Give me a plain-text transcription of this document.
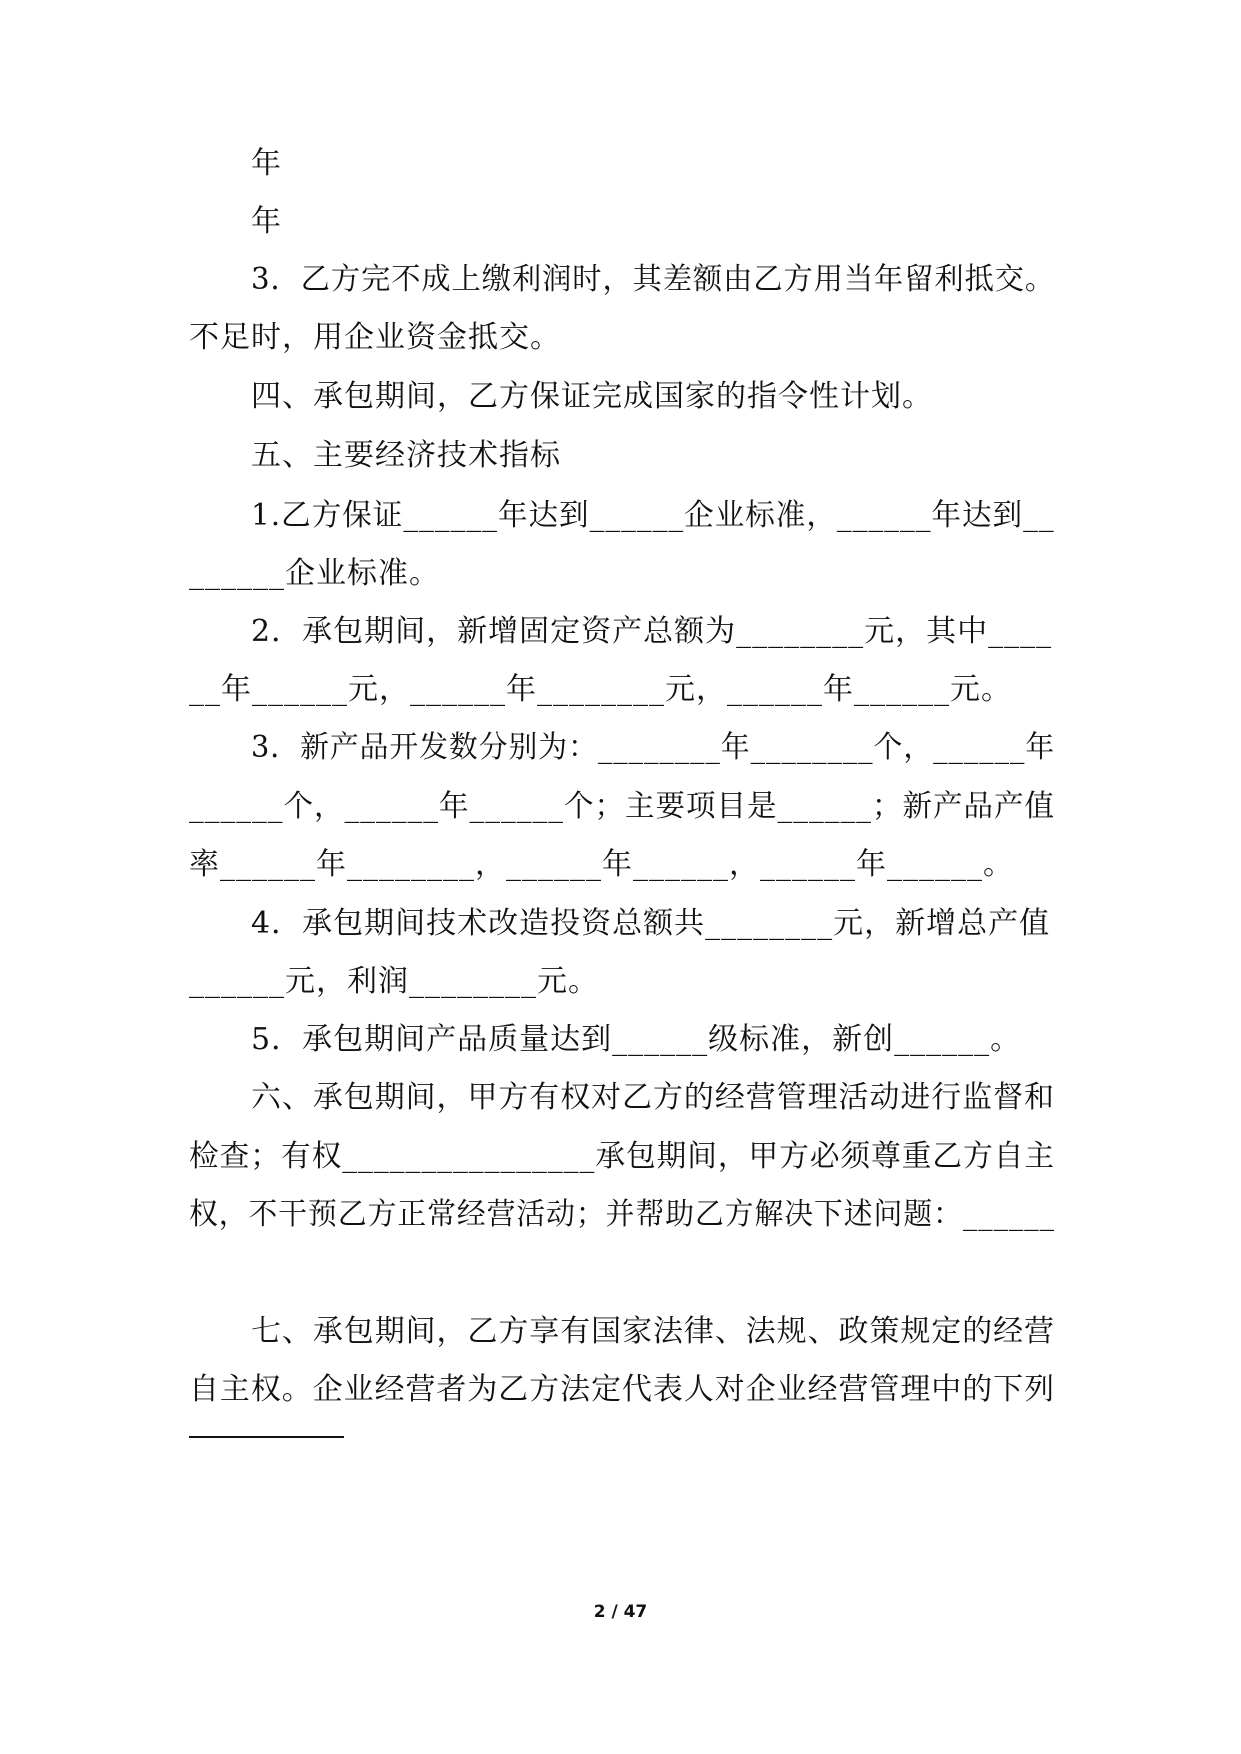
年
年
3．乙方完不成上缴利润时，其差额由乙方用当年留利抵交。
不足时，用企业资金抵交。
四、承包期间，乙方保证完成国家的指令性计划。
五、主要经济技术指标
1.乙方保证______年达到______企业标准，______年达到__
______企业标准。
2．承包期间，新增固定资产总额为________元，其中____
__年______元，______年________元，______年______元。
3．新产品开发数分别为：________年________个，______年
______个，______年______个；主要项目是______；新产品产值
率______年________，______年______，______年______。
4．承包期间技术改造投资总额共________元，新增总产值
______元，利润________元。
5．承包期间产品质量达到______级标准，新创______。
六、承包期间，甲方有权对乙方的经营管理活动进行监督和
检查；有权________________承包期间，甲方必须尊重乙方自主
权，不干预乙方正常经营活动；并帮助乙方解决下述问题：______
七、承包期间，乙方享有国家法律、法规、政策规定的经营
自主权。企业经营者为乙方法定代表人对企业经营管理中的下列
2 / 47
